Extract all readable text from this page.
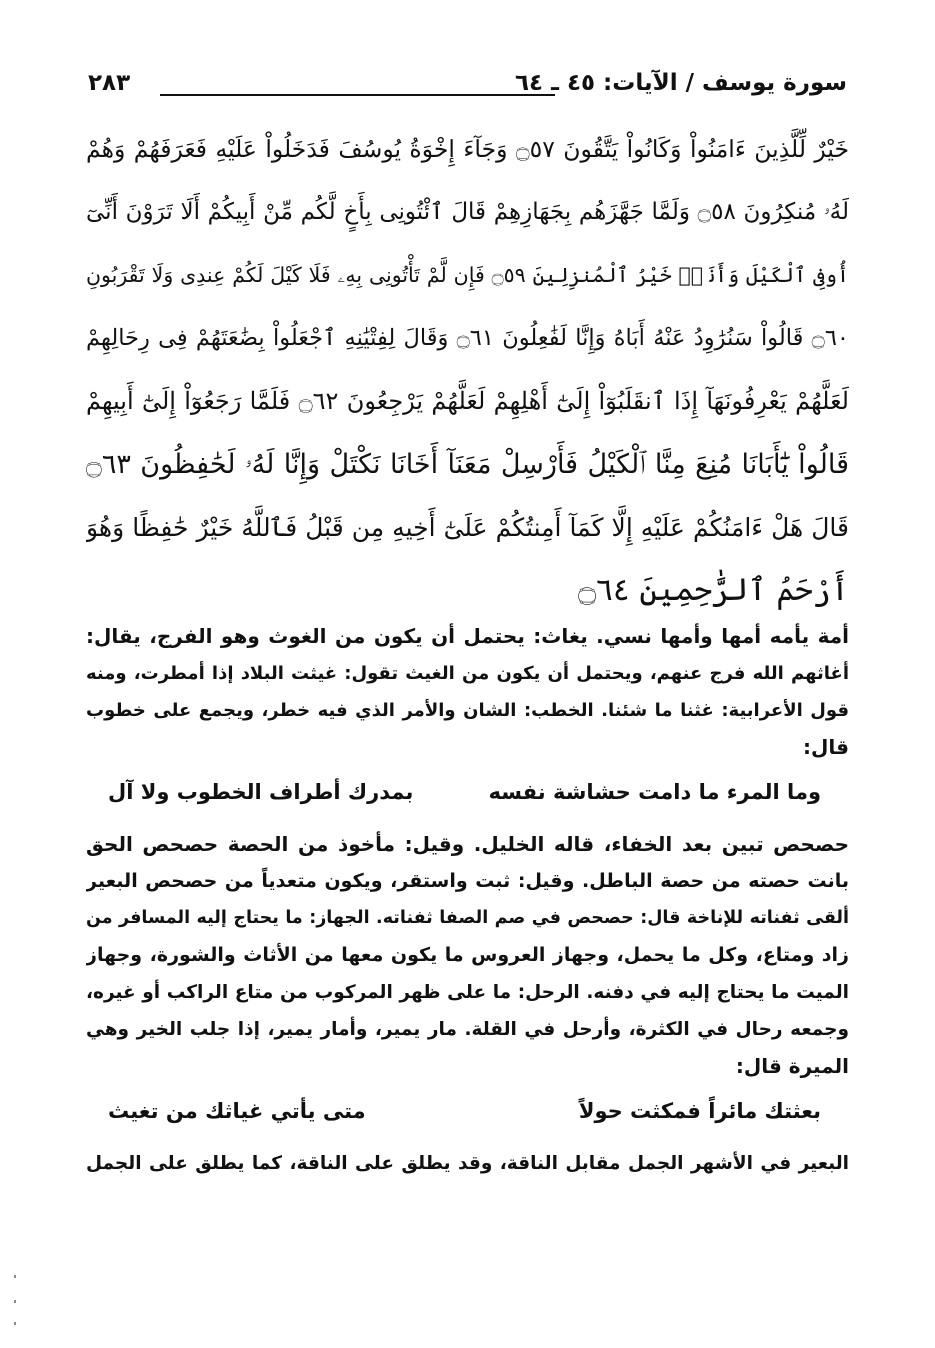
سورة يوسف / الآيات: ٤٥ ـ ٦٤
٢٨٣
خَيْرٌ لِّلَّذِينَ ءَامَنُواْ وَكَانُواْ يَتَّقُونَ ۝٥٧ وَجَآءَ إِخْوَةُ يُوسُفَ فَدَخَلُواْ عَلَيْهِ فَعَرَفَهُمْ وَهُمْ
لَهُۥ مُنكِرُونَ ۝٥٨ وَلَمَّا جَهَّزَهُم بِجَهَازِهِمْ قَالَ ٱئْتُونِى بِأَخٍ لَّكُم مِّنْ أَبِيكُمْ أَلَا تَرَوْنَ أَنِّىٓ
أُوفِى ٱلْكَيْلَ وَأَنَا۠ خَيْرُ ٱلْمُنزِلِينَ ۝٥٩ فَإِن لَّمْ تَأْتُونِى بِهِۦ فَلَا كَيْلَ لَكُمْ عِندِى وَلَا تَقْرَبُونِ
۝٦٠ قَالُواْ سَنُرَٰوِدُ عَنْهُ أَبَاهُ وَإِنَّا لَفَٰعِلُونَ ۝٦١ وَقَالَ لِفِتْيَٰنِهِ ٱجْعَلُواْ بِضَٰعَتَهُمْ فِى رِحَالِهِمْ
لَعَلَّهُمْ يَعْرِفُونَهَآ إِذَا ٱنقَلَبُوٓاْ إِلَىٰٓ أَهْلِهِمْ لَعَلَّهُمْ يَرْجِعُونَ ۝٦٢ فَلَمَّا رَجَعُوٓاْ إِلَىٰٓ أَبِيهِمْ
قَالُواْ يَٰٓأَبَانَا مُنِعَ مِنَّا ٱلْكَيْلُ فَأَرْسِلْ مَعَنَآ أَخَانَا نَكْتَلْ وَإِنَّا لَهُۥ لَحَٰفِظُونَ ۝٦٣
قَالَ هَلْ ءَامَنُكُمْ عَلَيْهِ إِلَّا كَمَآ أَمِنتُكُمْ عَلَىٰٓ أَخِيهِ مِن قَبْلُ فَٱللَّهُ خَيْرٌ حَٰفِظًا وَهُوَ
أَرْحَمُ ٱلرَّٰحِمِينَ ۝٦٤
أمة يأمه أمها وأمها نسي. يغاث: يحتمل أن يكون من الغوث وهو الفرج، يقال:
أغاثهم الله فرج عنهم، ويحتمل أن يكون من الغيث تقول: غيثت البلاد إذا أمطرت، ومنه
قول الأعرابية: غثنا ما شئنا. الخطب: الشان والأمر الذي فيه خطر، ويجمع على خطوب
قال:
وما المرء ما دامت حشاشة نفسه
بمدرك أطراف الخطوب ولا آل
حصحص تبين بعد الخفاء، قاله الخليل. وقيل: مأخوذ من الحصة حصحص الحق
بانت حصته من حصة الباطل. وقيل: ثبت واستقر، ويكون متعدياً من حصحص البعير
ألقى ثفناته للإناخة قال: حصحص في صم الصفا ثفناته. الجهاز: ما يحتاج إليه المسافر من
زاد ومتاع، وكل ما يحمل، وجهاز العروس ما يكون معها من الأثاث والشورة، وجهاز
الميت ما يحتاج إليه في دفنه. الرحل: ما على ظهر المركوب من متاع الراكب أو غيره،
وجمعه رحال في الكثرة، وأرحل في القلة. مار يمير، وأمار يمير، إذا جلب الخير وهي
الميرة قال:
بعثتك مائراً فمكثت حولاً
متى يأتي غياثك من تغيث
البعير في الأشهر الجمل مقابل الناقة، وقد يطلق على الناقة، كما يطلق على الجمل
